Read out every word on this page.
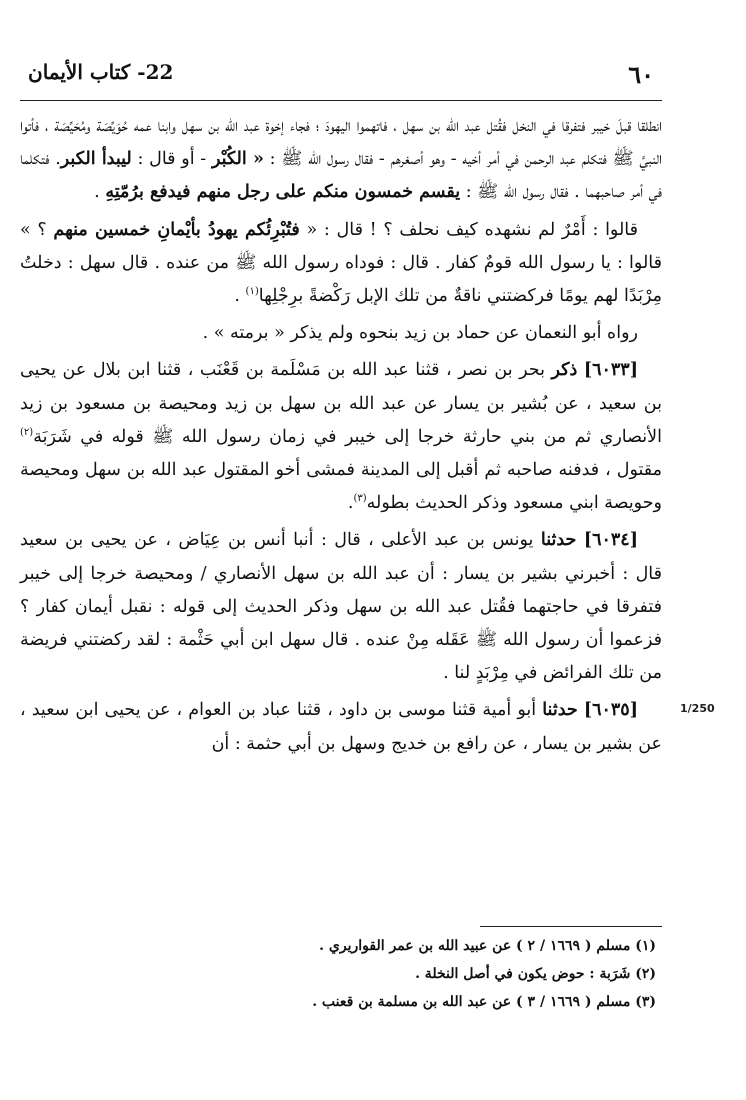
٦٠
22- كتاب الأيمان

انطلقا قبلَ خيبر فتفرقا في النخل فقُتل عبد الله بن سهل ، فاتهموا اليهودَ ؛ فجاء إخوة عبد الله بن سهل وابنا عمه حُوَيِّصَة ومُحَيِّصَة ، فأتوا النبيَّ ﷺ فتكلم عبد الرحمن في أمر أخيه - وهو أصغرهم - فقال رسول الله ﷺ : « الكُبْر - أو قال : ليبدأ الكبر. فتكلما في أمر صاحبهما . فقال رسول الله ﷺ : يقسم خمسون منكم على رجل منهم فيدفع برُمّتِهِ .

قالوا : أَمْرٌ لم نشهده كيف نحلف ؟ ! قال : « فتُبْرِئُكم يهودُ بأيْمانِ خمسين منهم ؟ » قالوا : يا رسول الله قومٌ كفار . قال : فوداه رسول الله ﷺ من عنده . قال سهل : دخلتُ مِرْبَدًا لهم يومًا فركضتني ناقةٌ من تلك الإبل رَكْضةً برِجْلِها$^{(١)}$ .

رواه أبو النعمان عن حماد بن زيد بنحوه ولم يذكر « برمته » .

[٦٠٣٣] ذكر بحر بن نصر ، قثنا عبد الله بن مَسْلَمة بن قَعْنَب ، قثنا ابن بلال عن يحيى بن سعيد ، عن بُشير بن يسار عن عبد الله بن سهل بن زيد ومحيصة بن مسعود بن زيد الأنصاري ثم من بني حارثة خرجا إلى خيبر في زمان رسول الله ﷺ قوله في شَرَبَة$^{(٢)}$ مقتول ، فدفنه صاحبه ثم أقبل إلى المدينة فمشى أخو المقتول عبد الله بن سهل ومحيصة وحويصة ابني مسعود وذكر الحديث بطوله$^{(٣)}$.

[٦٠٣٤] حدثنا يونس بن عبد الأعلى ، قال : أنبا أنس بن عِيَاض ، عن يحيى بن سعيد قال : أخبرني بشير بن يسار : أن عبد الله بن سهل الأنصاري / ومحيصة خرجا إلى خيبر فتفرقا في حاجتهما فقُتل عبد الله بن سهل وذكر الحديث إلى قوله : نقبل أيمان كفار ؟ فزعموا أن رسول الله ﷺ عَقَله مِنْ عنده . قال سهل ابن أبي حَثْمة : لقد ركضتني فريضة من تلك الفرائض في مِرْبَدٍ لنا .

[٦٠٣٥] حدثنا أبو أمية قثنا موسى بن داود ، قثنا عباد بن العوام ، عن يحيى ابن سعيد ، عن بشير بن يسار ، عن رافع بن خديج وسهل بن أبي حثمة : أن

1/250

(١) مسلم ( ١٦٦٩ / ٢ ) عن عبيد الله بن عمر القواريري .

(٢) شَرَبة : حوض يكون في أصل النخلة .

(٣) مسلم ( ١٦٦٩ / ٣ ) عن عبد الله بن مسلمة بن قعنب .
